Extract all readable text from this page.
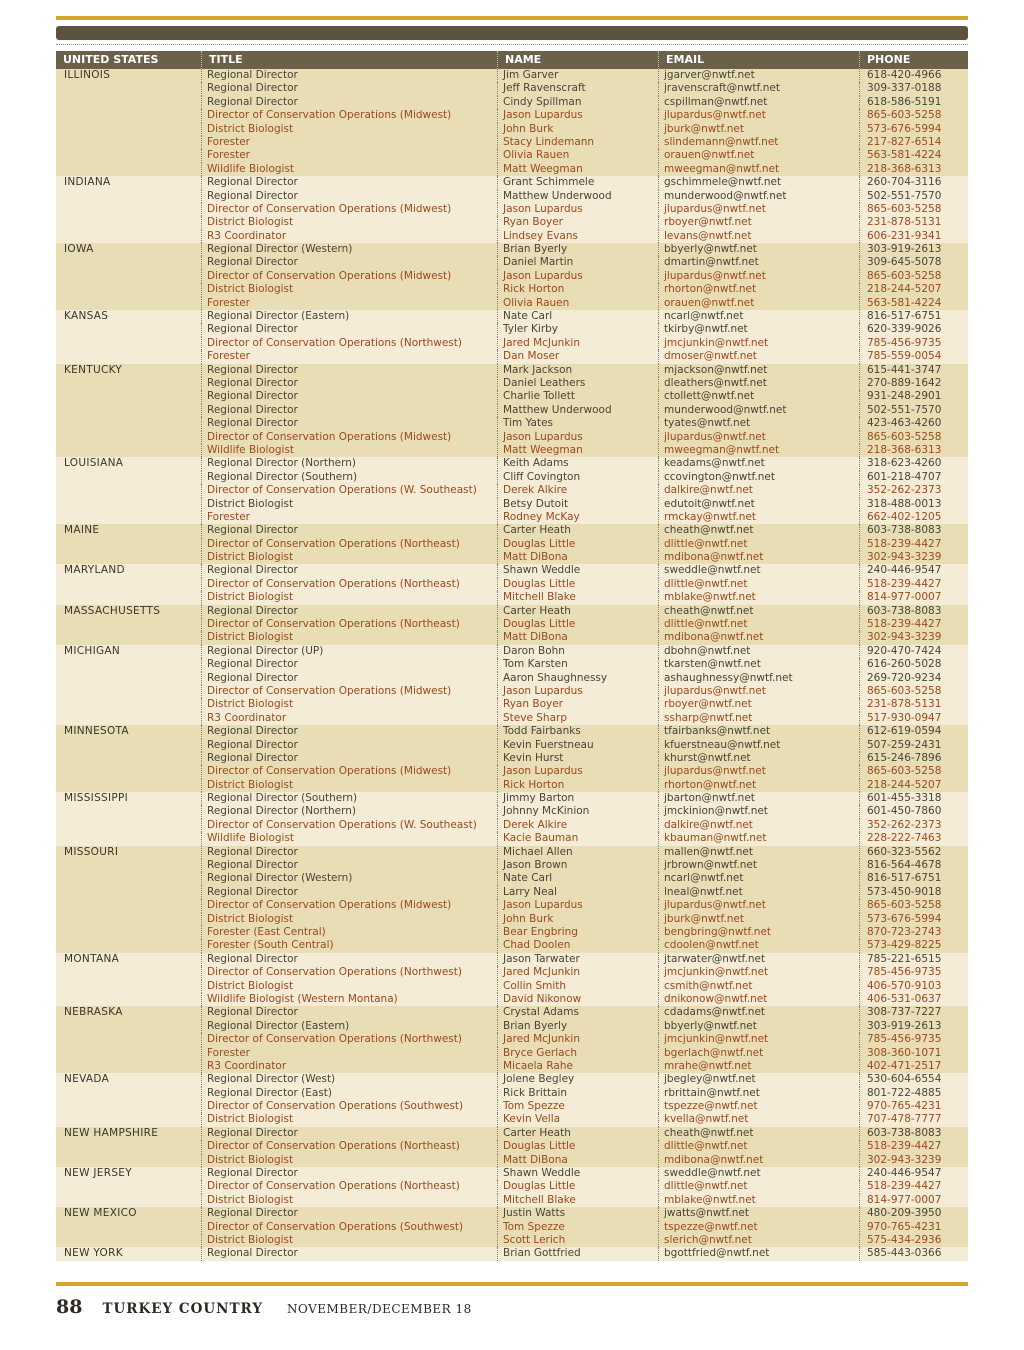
UNITED STATES	TITLE	NAME	EMAIL	PHONE
ILLINOIS	Regional Director	Jim Garver	jgarver@nwtf.net	618-420-4966
Regional Director	Jeff Ravenscraft	jravenscraft@nwtf.net	309-337-0188
Regional Director	Cindy Spillman	cspillman@nwtf.net	618-586-5191
Director of Conservation Operations (Midwest)	Jason Lupardus	jlupardus@nwtf.net	865-603-5258
District Biologist	John Burk	jburk@nwtf.net	573-676-5994
Forester	Stacy Lindemann	slindemann@nwtf.net	217-827-6514
Forester	Olivia Rauen	orauen@nwtf.net	563-581-4224
Wildlife Biologist	Matt Weegman	mweegman@nwtf.net	218-368-6313
INDIANA	Regional Director	Grant Schimmele	gschimmele@nwtf.net	260-704-3116
Regional Director	Matthew Underwood	munderwood@nwtf.net	502-551-7570
Director of Conservation Operations (Midwest)	Jason Lupardus	jlupardus@nwtf.net	865-603-5258
District Biologist	Ryan Boyer	rboyer@nwtf.net	231-878-5131
R3 Coordinator	Lindsey Evans	levans@nwtf.net	606-231-9341
IOWA	Regional Director (Western)	Brian Byerly	bbyerly@nwtf.net	303-919-2613
Regional Director	Daniel Martin	dmartin@nwtf.net	309-645-5078
Director of Conservation Operations (Midwest)	Jason Lupardus	jlupardus@nwtf.net	865-603-5258
District Biologist	Rick Horton	rhorton@nwtf.net	218-244-5207
Forester	Olivia Rauen	orauen@nwtf.net	563-581-4224
KANSAS	Regional Director (Eastern)	Nate Carl	ncarl@nwtf.net	816-517-6751
Regional Director	Tyler Kirby	tkirby@nwtf.net	620-339-9026
Director of Conservation Operations (Northwest)	Jared McJunkin	jmcjunkin@nwtf.net	785-456-9735
Forester	Dan Moser	dmoser@nwtf.net	785-559-0054
KENTUCKY	Regional Director	Mark Jackson	mjackson@nwtf.net	615-441-3747
Regional Director	Daniel Leathers	dleathers@nwtf.net	270-889-1642
Regional Director	Charlie Tollett	ctollett@nwtf.net	931-248-2901
Regional Director	Matthew Underwood	munderwood@nwtf.net	502-551-7570
Regional Director	Tim Yates	tyates@nwtf.net	423-463-4260
Director of Conservation Operations (Midwest)	Jason Lupardus	jlupardus@nwtf.net	865-603-5258
Wildlife Biologist	Matt Weegman	mweegman@nwtf.net	218-368-6313
LOUISIANA	Regional Director (Northern)	Keith Adams	keadams@nwtf.net	318-623-4260
Regional Director (Southern)	Cliff Covington	ccovington@nwtf.net	601-218-4707
Director of Conservation Operations (W. Southeast)	Derek Alkire	dalkire@nwtf.net	352-262-2373
District Biologist	Betsy Dutoit	edutoit@nwtf.net	318-488-0013
Forester	Rodney McKay	rmckay@nwtf.net	662-402-1205
MAINE	Regional Director	Carter Heath	cheath@nwtf.net	603-738-8083
Director of Conservation Operations (Northeast)	Douglas Little	dlittle@nwtf.net	518-239-4427
District Biologist	Matt DiBona	mdibona@nwtf.net	302-943-3239
MARYLAND	Regional Director	Shawn Weddle	sweddle@nwtf.net	240-446-9547
Director of Conservation Operations (Northeast)	Douglas Little	dlittle@nwtf.net	518-239-4427
District Biologist	Mitchell Blake	mblake@nwtf.net	814-977-0007
MASSACHUSETTS	Regional Director	Carter Heath	cheath@nwtf.net	603-738-8083
Director of Conservation Operations (Northeast)	Douglas Little	dlittle@nwtf.net	518-239-4427
District Biologist	Matt DiBona	mdibona@nwtf.net	302-943-3239
MICHIGAN	Regional Director (UP)	Daron Bohn	dbohn@nwtf.net	920-470-7424
Regional Director	Tom Karsten	tkarsten@nwtf.net	616-260-5028
Regional Director	Aaron Shaughnessy	ashaughnessy@nwtf.net	269-720-9234
Director of Conservation Operations (Midwest)	Jason Lupardus	jlupardus@nwtf.net	865-603-5258
District Biologist	Ryan Boyer	rboyer@nwtf.net	231-878-5131
R3 Coordinator	Steve Sharp	ssharp@nwtf.net	517-930-0947
MINNESOTA	Regional Director	Todd Fairbanks	tfairbanks@nwtf.net	612-619-0594
Regional Director	Kevin Fuerstneau	kfuerstneau@nwtf.net	507-259-2431
Regional Director	Kevin Hurst	khurst@nwtf.net	615-246-7896
Director of Conservation Operations (Midwest)	Jason Lupardus	jlupardus@nwtf.net	865-603-5258
District Biologist	Rick Horton	rhorton@nwtf.net	218-244-5207
MISSISSIPPI	Regional Director (Southern)	Jimmy Barton	jbarton@nwtf.net	601-455-3318
Regional Director (Northern)	Johnny McKinion	jmckinion@nwtf.net	601-450-7860
Director of Conservation Operations (W. Southeast)	Derek Alkire	dalkire@nwtf.net	352-262-2373
Wildlife Biologist	Kacie Bauman	kbauman@nwtf.net	228-222-7463
MISSOURI	Regional Director	Michael Allen	mallen@nwtf.net	660-323-5562
Regional Director	Jason Brown	jrbrown@nwtf.net	816-564-4678
Regional Director (Western)	Nate Carl	ncarl@nwtf.net	816-517-6751
Regional Director	Larry Neal	lneal@nwtf.net	573-450-9018
Director of Conservation Operations (Midwest)	Jason Lupardus	jlupardus@nwtf.net	865-603-5258
District Biologist	John Burk	jburk@nwtf.net	573-676-5994
Forester (East Central)	Bear Engbring	bengbring@nwtf.net	870-723-2743
Forester (South Central)	Chad Doolen	cdoolen@nwtf.net	573-429-8225
MONTANA	Regional Director	Jason Tarwater	jtarwater@nwtf.net	785-221-6515
Director of Conservation Operations (Northwest)	Jared McJunkin	jmcjunkin@nwtf.net	785-456-9735
District Biologist	Collin Smith	csmith@nwtf.net	406-570-9103
Wildlife Biologist (Western Montana)	David Nikonow	dnikonow@nwtf.net	406-531-0637
NEBRASKA	Regional Director	Crystal Adams	cdadams@nwtf.net	308-737-7227
Regional Director (Eastern)	Brian Byerly	bbyerly@nwtf.net	303-919-2613
Director of Conservation Operations (Northwest)	Jared McJunkin	jmcjunkin@nwtf.net	785-456-9735
Forester	Bryce Gerlach	bgerlach@nwtf.net	308-360-1071
R3 Coordinator	Micaela Rahe	mrahe@nwtf.net	402-471-2517
NEVADA	Regional Director (West)	Jolene Begley	jbegley@nwtf.net	530-604-6554
Regional Director (East)	Rick Brittain	rbrittain@nwtf.net	801-722-4885
Director of Conservation Operations (Southwest)	Tom Spezze	tspezze@nwtf.net	970-765-4231
District Biologist	Kevin Vella	kvella@nwtf.net	707-478-7777
NEW HAMPSHIRE	Regional Director	Carter Heath	cheath@nwtf.net	603-738-8083
Director of Conservation Operations (Northeast)	Douglas Little	dlittle@nwtf.net	518-239-4427
District Biologist	Matt DiBona	mdibona@nwtf.net	302-943-3239
NEW JERSEY	Regional Director	Shawn Weddle	sweddle@nwtf.net	240-446-9547
Director of Conservation Operations (Northeast)	Douglas Little	dlittle@nwtf.net	518-239-4427
District Biologist	Mitchell Blake	mblake@nwtf.net	814-977-0007
NEW MEXICO	Regional Director	Justin Watts	jwatts@nwtf.net	480-209-3950
Director of Conservation Operations (Southwest)	Tom Spezze	tspezze@nwtf.net	970-765-4231
District Biologist	Scott Lerich	slerich@nwtf.net	575-434-2936
NEW YORK	Regional Director	Brian Gottfried	bgottfried@nwtf.net	585-443-0366
88 TURKEY COUNTRY NOVEMBER/DECEMBER 18
